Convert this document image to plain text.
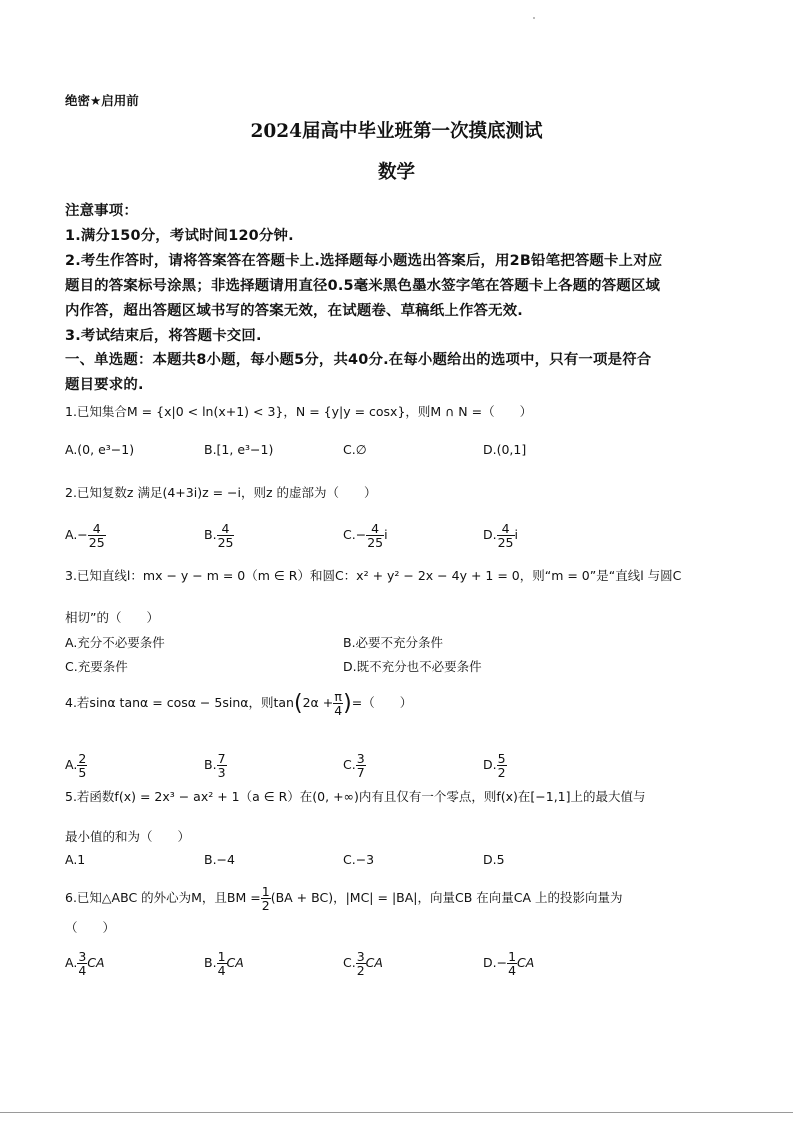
绝密★启用前
2024届高中毕业班第一次摸底测试
数学
注意事项：
1.满分150分，考试时间120分钟.
2.考生作答时，请将答案答在答题卡上.选择题每小题选出答案后，用2B铅笔把答题卡上对应
题目的答案标号涂黑；非选择题请用直径0.5毫米黑色墨水签字笔在答题卡上各题的答题区域
内作答，超出答题区域书写的答案无效，在试题卷、草稿纸上作答无效.
3.考试结束后，将答题卡交回.
一、单选题：本题共8小题，每小题5分，共40分.在每小题给出的选项中，只有一项是符合
题目要求的.
1.已知集合M = {x|0 < ln(x+1) < 3}，N = {y|y = cosx}，则M ∩ N =（　　）
A.(0, e³−1)	B.[1, e³−1)	C.∅	D.(0,1]
2.已知复数z 满足(4+3i)z = −i，则z 的虚部为（　　）
$A.- \frac{4}{25}$	B. $\frac{4}{25}$	$C.- \frac{4}{25}$ i	D. $\frac{4}{25}$ i
3.已知直线l：mx − y − m = 0（m ∈ R）和圆C：x² + y² − 2x − 4y + 1 = 0，则“m = 0”是“直线l 与圆C
相切”的（　　）
A.充分不必要条件	B.必要不充分条件
C.充要条件	D.既不充分也不必要条件
4.若sinα tanα = cosα − 5sinα，则$\tan(2\alpha + \frac{\pi}{4}$ )=（　　）
A. $\frac{2}{5}$	B. $\frac{7}{3}$	C. $\frac{3}{7}$	D. $\frac{5}{2}$
5.若函数f(x) = 2x³ − ax² + 1（a ∈ R）在(0, +∞)内有且仅有一个零点，则f(x)在[−1,1]上的最大值与
最小值的和为（　　）
A.1	B.−4	C.−3	D.5
6.已知△ABC 的外心为M，且BM = $\frac{1}{2} (BA + BC)$，|MC| = |BA|，向量CB 在向量CA 上的投影向量为
（　　）
A. $\frac{3}{4}$ CA	B. $\frac{1}{4}$ CA	C. $\frac{3}{2}$ CA	$D.- \frac{1}{4}$ CA
